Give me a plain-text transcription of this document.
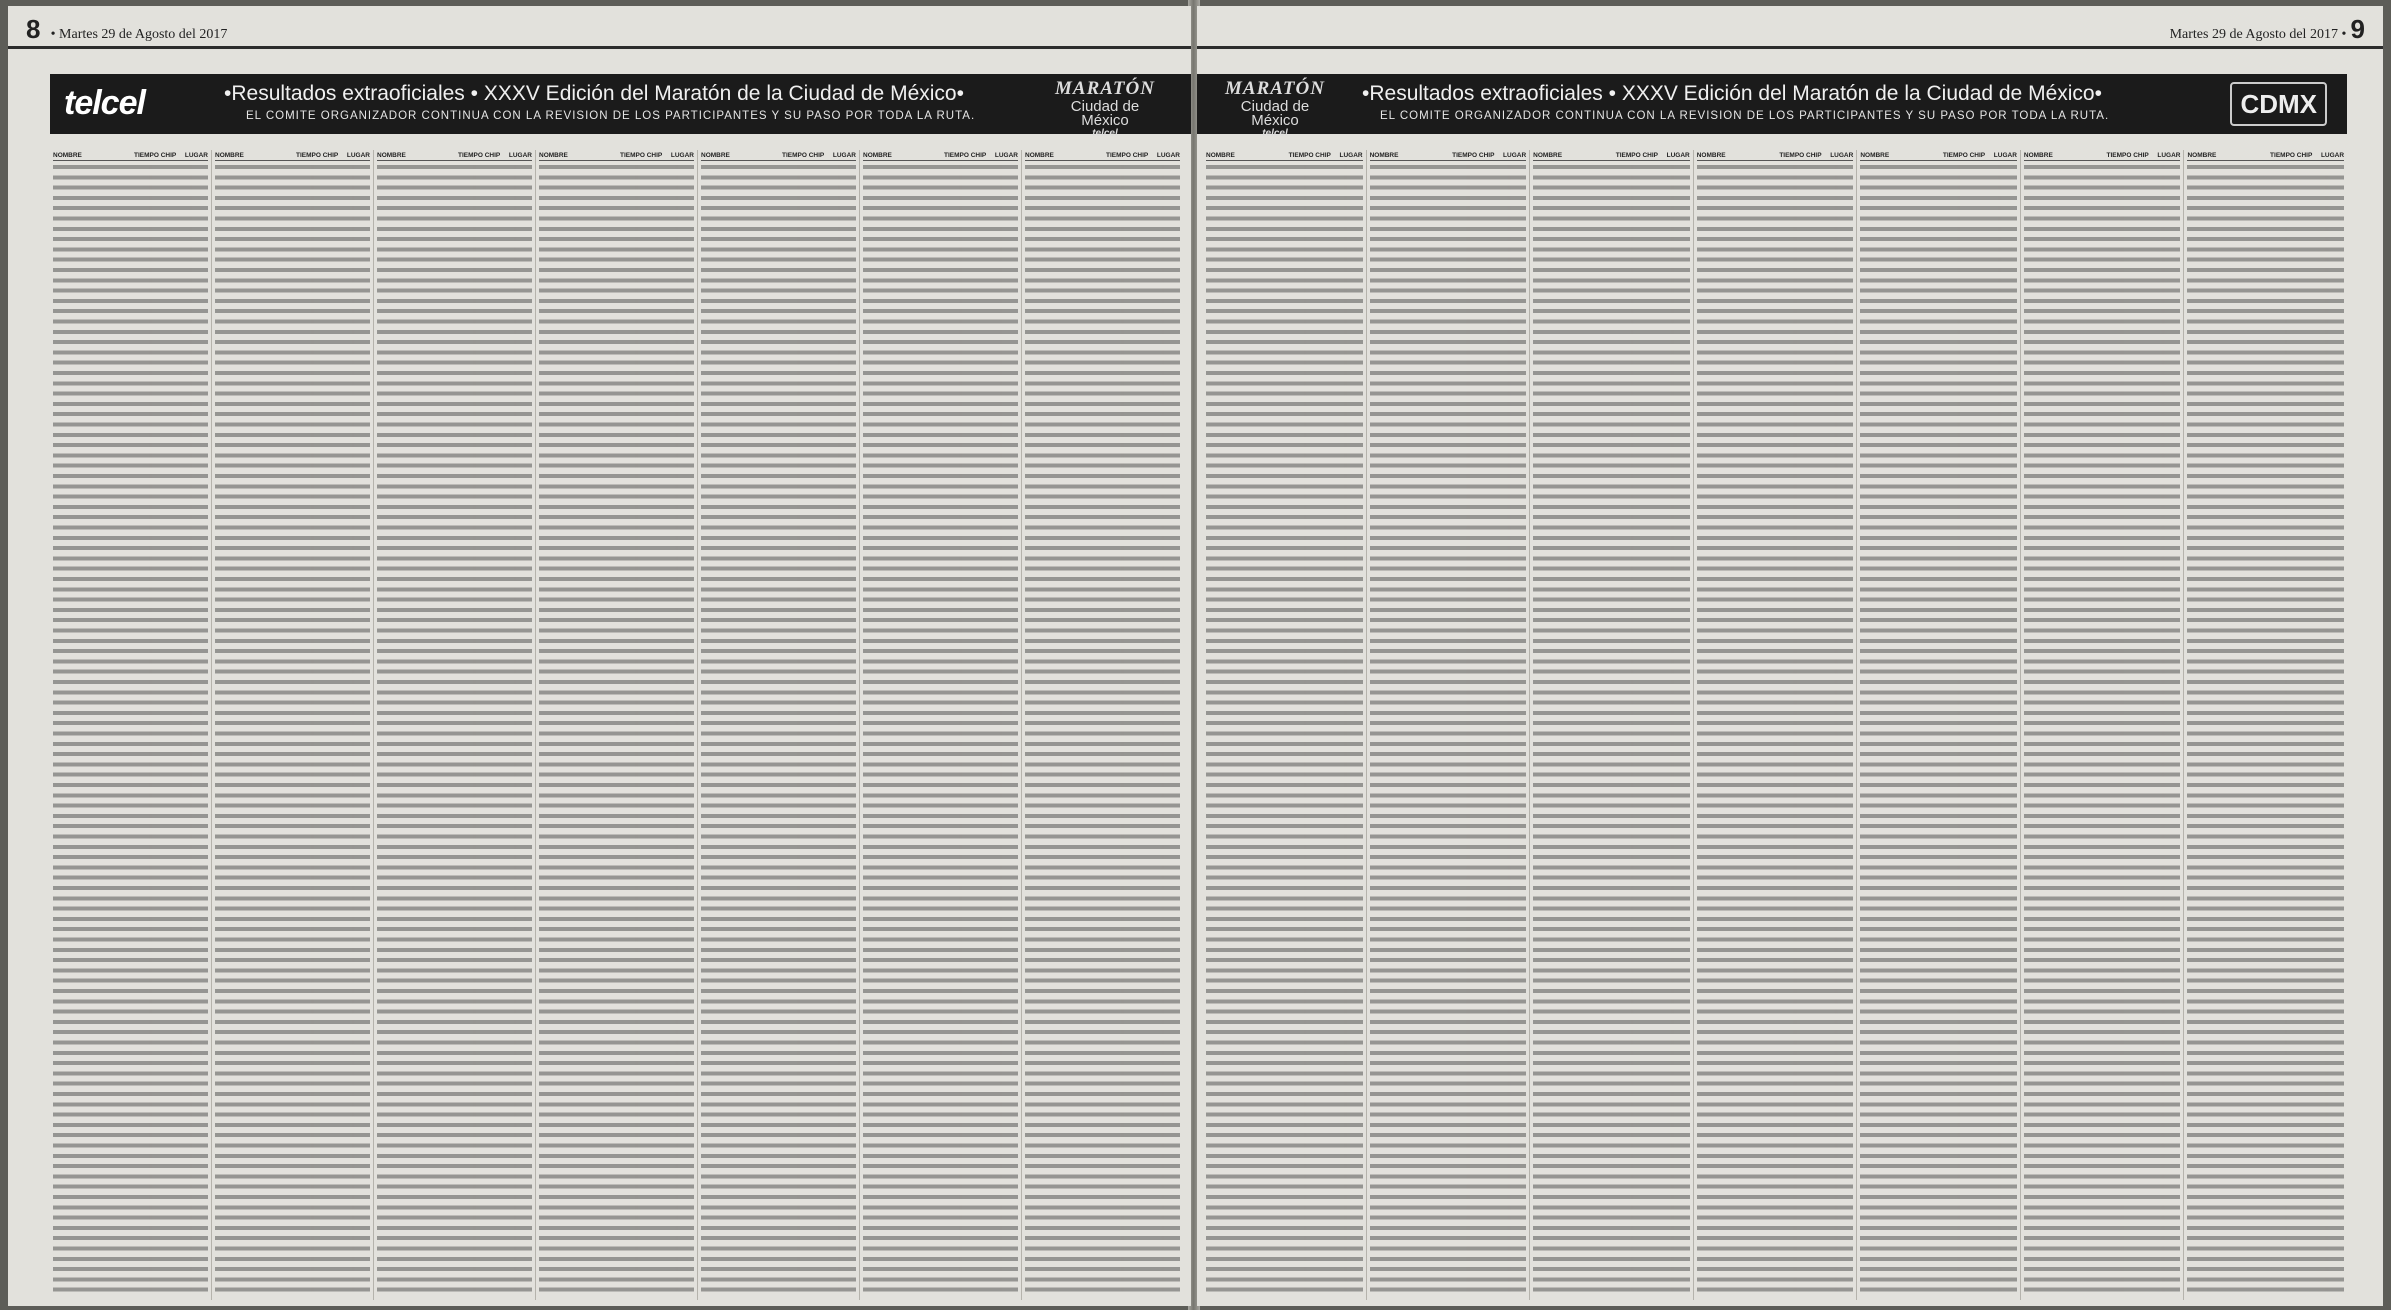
8 • Martes 29 de Agosto del 2017
telcel	•Resultados extraoficiales • XXXV Edición del Maratón de la Ciudad de México•
EL COMITE ORGANIZADOR CONTINUA CON LA REVISION DE LOS PARTICIPANTES Y SU PASO POR TODA LA RUTA.
MARATÓN
Ciudad de México
telcel
NOMBRE	TIEMPO CHIP	LUGAR NOMBRE	TIEMPO CHIP	LUGAR NOMBRE	TIEMPO CHIP	LUGAR NOMBRE	TIEMPO CHIP	LUGAR NOMBRE	TIEMPO CHIP	LUGAR NOMBRE	TIEMPO CHIP	LUGAR NOMBRE	TIEMPO CHIP	LUGAR
Martes 29 de Agosto del 2017 • 9
MARATÓN
Ciudad de México
telcel
•Resultados extraoficiales • XXXV Edición del Maratón de la Ciudad de México•
EL COMITE ORGANIZADOR CONTINUA CON LA REVISION DE LOS PARTICIPANTES Y SU PASO POR TODA LA RUTA.	CDMX
NOMBRE	TIEMPO CHIP	LUGAR NOMBRE	TIEMPO CHIP	LUGAR NOMBRE	TIEMPO CHIP	LUGAR NOMBRE	TIEMPO CHIP	LUGAR NOMBRE	TIEMPO CHIP	LUGAR NOMBRE	TIEMPO CHIP	LUGAR NOMBRE	TIEMPO CHIP	LUGAR
